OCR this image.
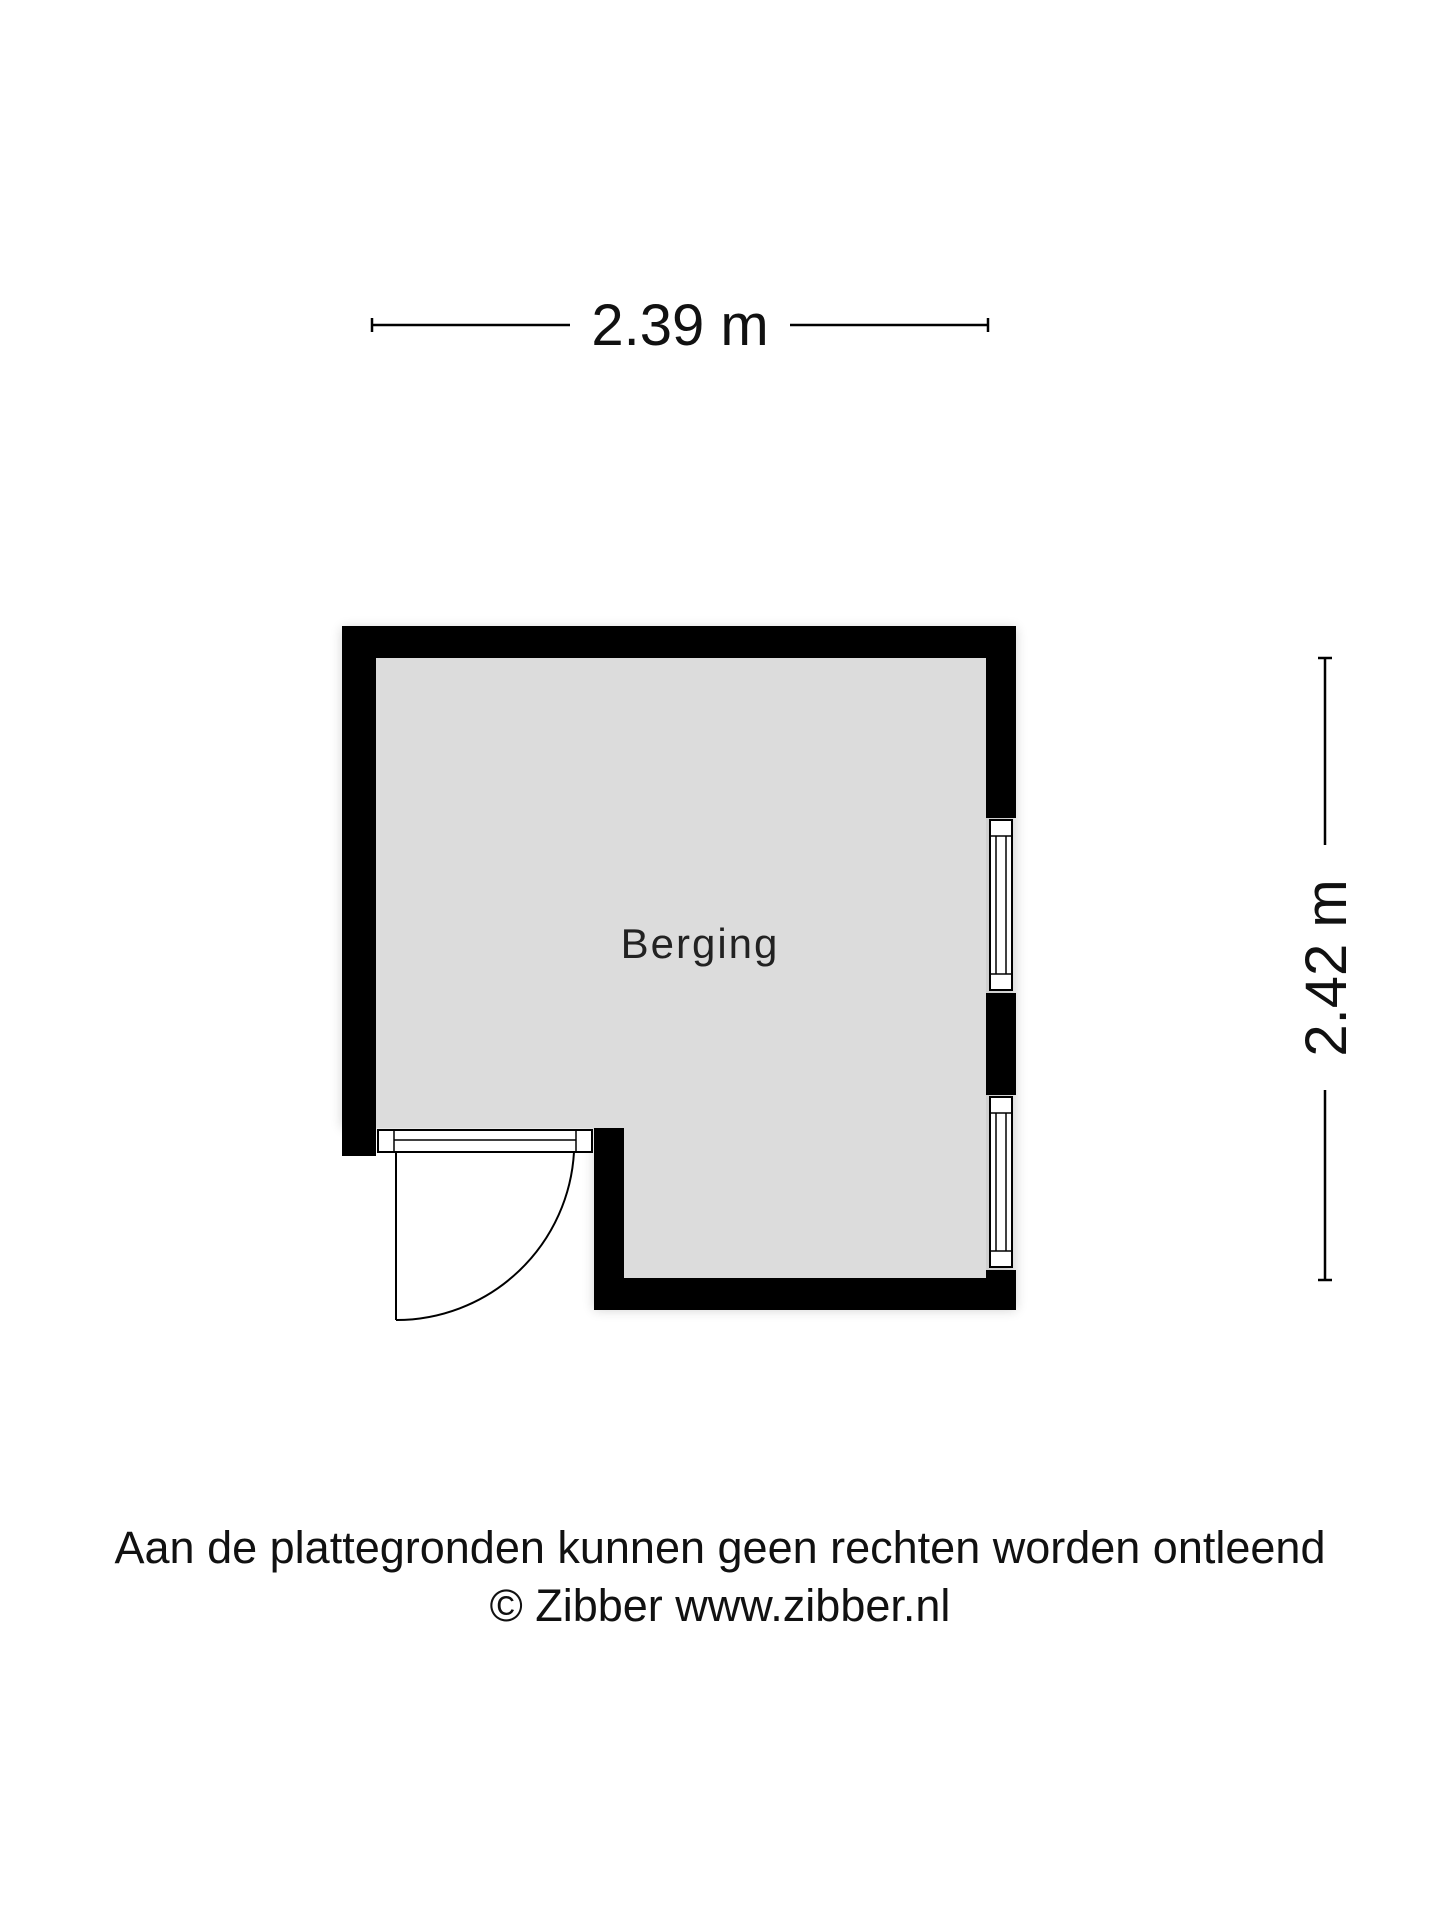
2.39 m
2.42 m
Berging
Aan de plattegronden kunnen geen rechten worden ontleend
© Zibber www.zibber.nl
